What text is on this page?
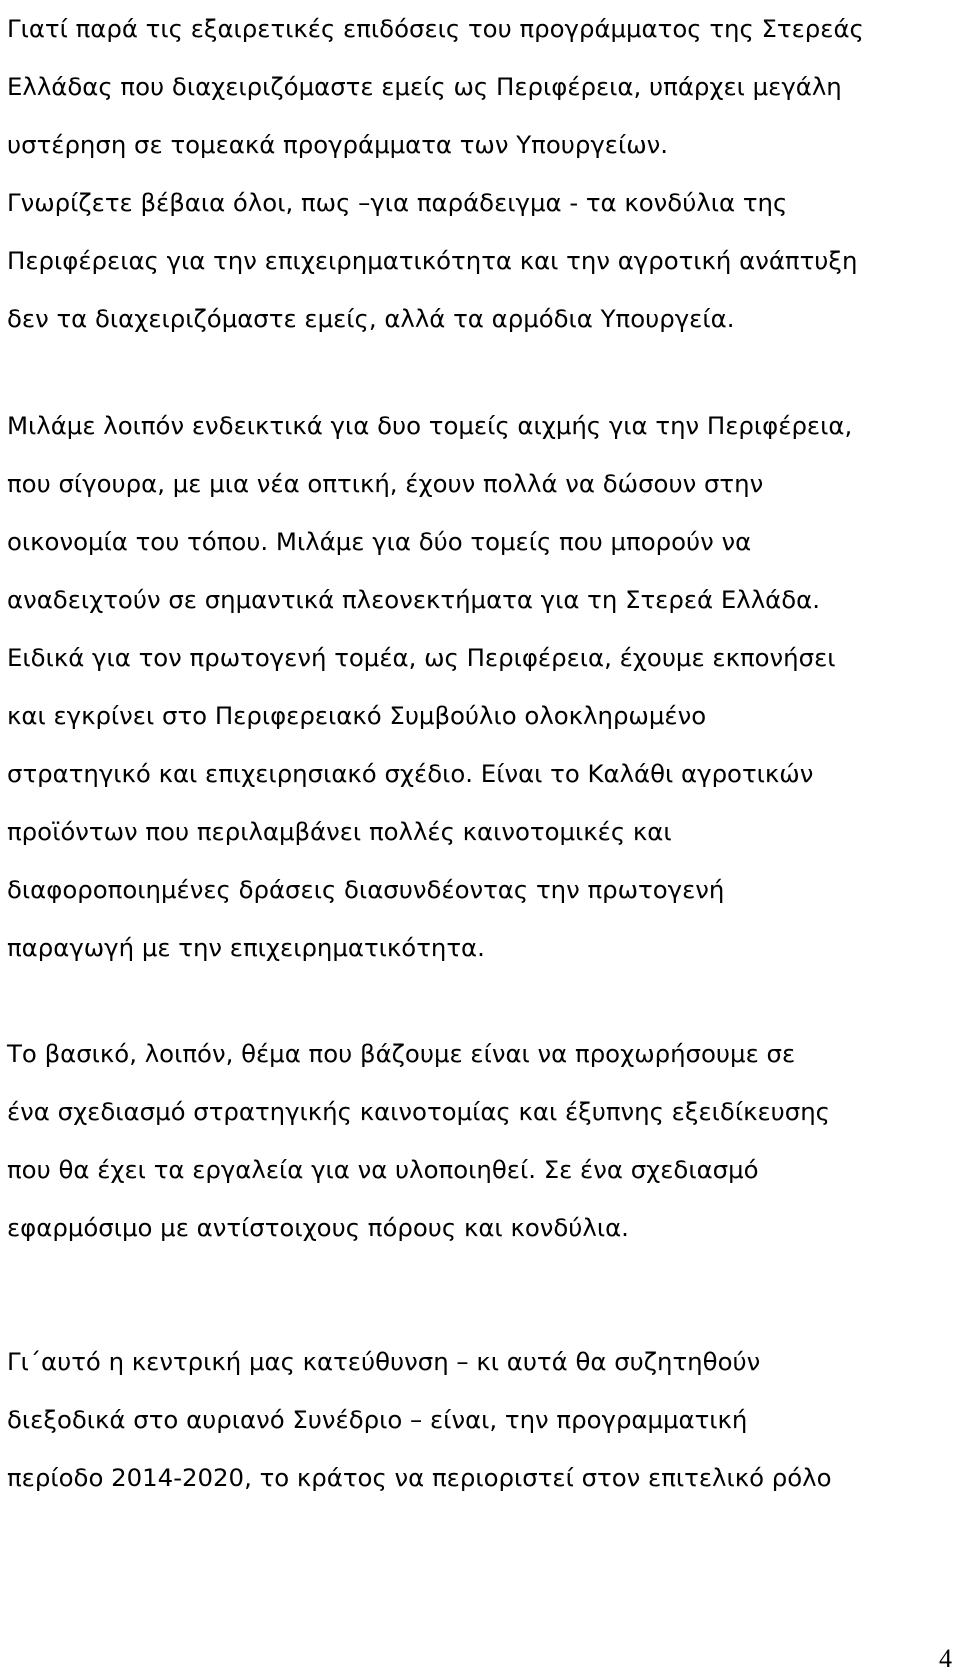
Γιατί παρά τις εξαιρετικές επιδόσεις του προγράμματος της Στερεάς
Ελλάδας που διαχειριζόμαστε εμείς ως Περιφέρεια, υπάρχει μεγάλη
υστέρηση σε τομεακά προγράμματα των Υπουργείων.
Γνωρίζετε βέβαια όλοι, πως –για παράδειγμα - τα κονδύλια της
Περιφέρειας για την επιχειρηματικότητα και την αγροτική ανάπτυξη
δεν τα διαχειριζόμαστε εμείς, αλλά τα αρμόδια Υπουργεία.
Μιλάμε λοιπόν ενδεικτικά για δυο τομείς αιχμής για την Περιφέρεια,
που σίγουρα, με μια νέα οπτική, έχουν πολλά να δώσουν στην
οικονομία του τόπου. Μιλάμε για δύο τομείς που μπορούν να
αναδειχτούν σε σημαντικά πλεονεκτήματα για τη Στερεά Ελλάδα.
Ειδικά για τον πρωτογενή τομέα, ως Περιφέρεια, έχουμε εκπονήσει
και εγκρίνει στο Περιφερειακό Συμβούλιο ολοκληρωμένο
στρατηγικό και επιχειρησιακό σχέδιο. Είναι το Καλάθι αγροτικών
προϊόντων που περιλαμβάνει πολλές καινοτομικές και
διαφοροποιημένες δράσεις διασυνδέοντας την πρωτογενή
παραγωγή με την επιχειρηματικότητα.
Το βασικό, λοιπόν, θέμα που βάζουμε είναι να προχωρήσουμε σε
ένα σχεδιασμό στρατηγικής καινοτομίας και έξυπνης εξειδίκευσης
που θα έχει τα εργαλεία για να υλοποιηθεί. Σε ένα σχεδιασμό
εφαρμόσιμο με αντίστοιχους πόρους και κονδύλια.
Γι΄αυτό η κεντρική μας κατεύθυνση – κι αυτά θα συζητηθούν
διεξοδικά στο αυριανό Συνέδριο – είναι, την προγραμματική
περίοδο 2014-2020, το κράτος να περιοριστεί στον επιτελικό ρόλο
4
